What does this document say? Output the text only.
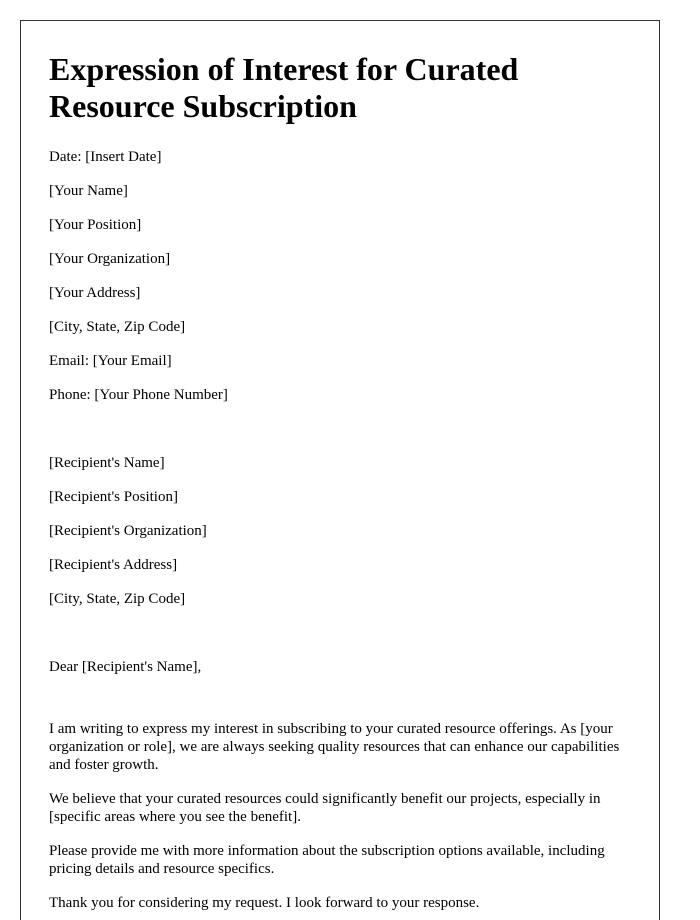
Expression of Interest for Curated Resource Subscription

Date: [Insert Date]

[Your Name]

[Your Position]

[Your Organization]

[Your Address]

[City, State, Zip Code]

Email: [Your Email]

Phone: [Your Phone Number]

[Recipient's Name]

[Recipient's Position]

[Recipient's Organization]

[Recipient's Address]

[City, State, Zip Code]

Dear [Recipient's Name],

I am writing to express my interest in subscribing to your curated resource offerings. As [your organization or role], we are always seeking quality resources that can enhance our capabilities and foster growth.

We believe that your curated resources could significantly benefit our projects, especially in [specific areas where you see the benefit].

Please provide me with more information about the subscription options available, including pricing details and resource specifics.

Thank you for considering my request. I look forward to your response.
